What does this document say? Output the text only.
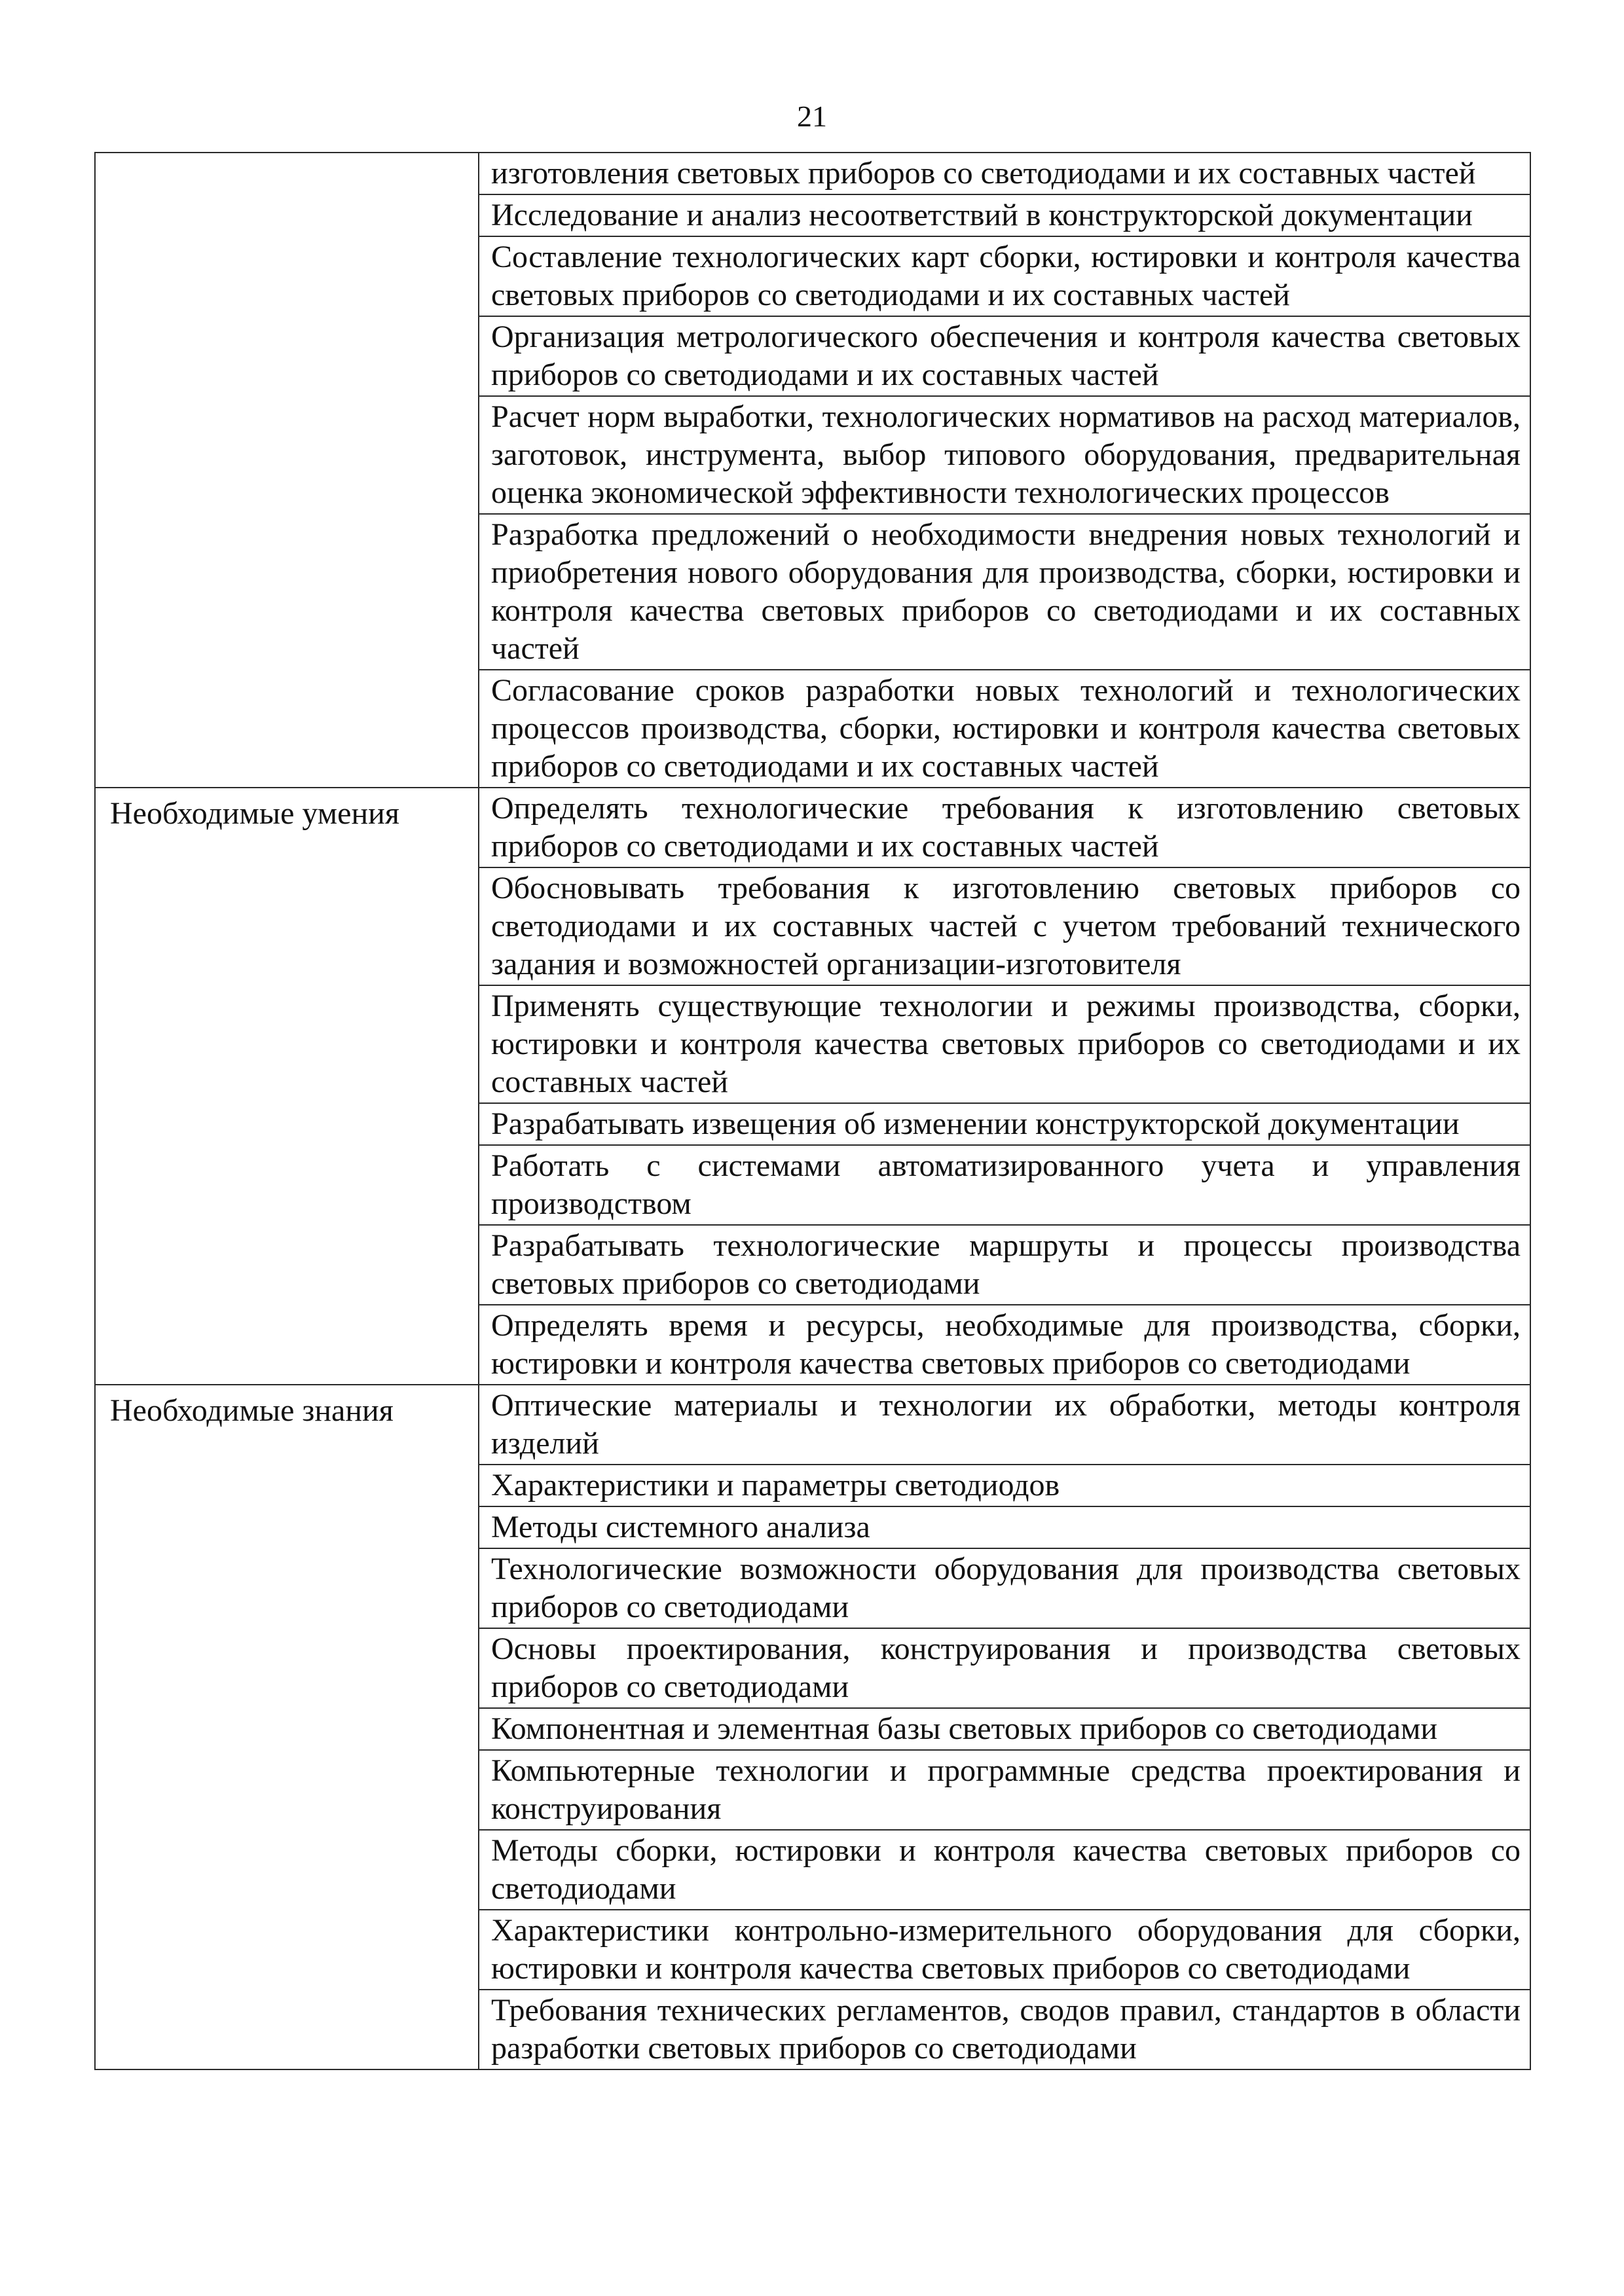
21

	изготовления световых приборов со светодиодами и их составных частей

	Исследование и анализ несоответствий в конструкторской документации

	Составление технологических карт сборки, юстировки и контроля качества световых приборов со светодиодами и их составных частей

	Организация метрологического обеспечения и контроля качества световых приборов со светодиодами и их составных частей

	Расчет норм выработки, технологических нормативов на расход материалов, заготовок, инструмента, выбор типового оборудования, предварительная оценка экономической эффективности технологических процессов

	Разработка предложений о необходимости внедрения новых технологий и приобретения нового оборудования для производства, сборки, юстировки и контроля качества световых приборов со светодиодами и их составных частей

	Согласование сроков разработки новых технологий и технологических процессов производства, сборки, юстировки и контроля качества световых приборов со светодиодами и их составных частей

Необходимые умения	Определять технологические требования к изготовлению световых приборов со светодиодами и их составных частей

	Обосновывать требования к изготовлению световых приборов со светодиодами и их составных частей с учетом требований технического задания и возможностей организации-изготовителя

	Применять существующие технологии и режимы производства, сборки, юстировки и контроля качества световых приборов со светодиодами и их составных частей

	Разрабатывать извещения об изменении конструкторской документации

	Работать с системами автоматизированного учета и управления производством

	Разрабатывать технологические маршруты и процессы производства световых приборов со светодиодами

	Определять время и ресурсы, необходимые для производства, сборки, юстировки и контроля качества световых приборов со светодиодами

Необходимые знания	Оптические материалы и технологии их обработки, методы контроля изделий

	Характеристики и параметры светодиодов

	Методы системного анализа

	Технологические возможности оборудования для производства световых приборов со светодиодами

	Основы проектирования, конструирования и производства световых приборов со светодиодами

	Компонентная и элементная базы световых приборов со светодиодами

	Компьютерные технологии и программные средства проектирования и конструирования

	Методы сборки, юстировки и контроля качества световых приборов со светодиодами

	Характеристики контрольно-измерительного оборудования для сборки, юстировки и контроля качества световых приборов со светодиодами

	Требования технических регламентов, сводов правил, стандартов в области разработки световых приборов со светодиодами
